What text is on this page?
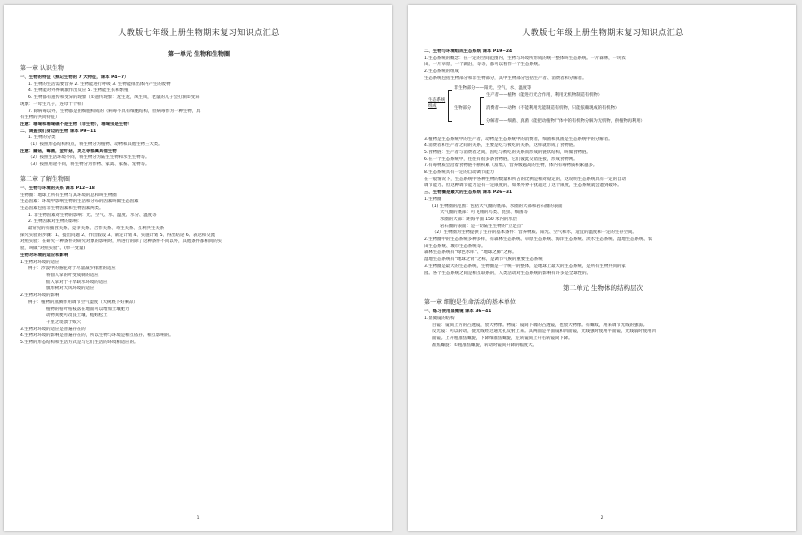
人教版七年级上册生物期末复习知识点汇总
第一单元 生物和生物圈
第一章 认识生物
一、生物的特征（熟记生物的 7 大特征，课本 P4~7）
1. 生物的生活需要营养 2. 生物能进行呼吸 3. 生物能排出体内产生的废物
4. 生物能对外界刺激作出反应 5. 生物能生长和繁殖
6. 生物都有遗传和变异的现象（①遗传现象：龙生龙，凤生凤，老鼠的儿子会打洞②变异
现象：一母生九子，连母十个样）
7. 除病毒以外，生物都是由细胞构成的（病毒不具有细胞结构，但病毒作为一种生物，具
有生物的共同特征）
注意：珊瑚和珊瑚礁不是生物（非生物），珊瑚虫是生物！
二、调查我们身边的生物 课本 P9~11
1. 生物的分类
（1）按照形态结构特点，将生物分为植物、动物和其他生物三大类。
注意：蘑菇，霉菌，金针菇，灵芝等都属其他生物
（2）按照生活环境不同，将生物分为陆生生物和水生生物等。
（3）按照用途不同，将生物分为作物、家禽、家畜、宠物等。
第二章 了解生物圈
一、生物与环境的关系 课本 P12~18
生物圈：地球上所有生物与其环境的总和叫生物圈
生态因素：环境中影响生物的生活和分布的因素叫做生态因素
生态因素包括非生物因素和生物因素两类。
1. 非生物因素对生物的影响：光、空气、水、温度、水分、温度等
2. 生物因素对生物的影响：
最常见的有捕食关系、竞争关系、合作关系、寄生关系、互利共生关系
探究实验的步骤：1、提出问题 2、作出假设 3、制定计划 4、实施计划 5、得出结论 6、表达和交流
对照实验：在研究一种条件对研究对象的影响时，所进行的除了这种条件不同以外，其他条件都相同的实
验，叫做“对照实验”。(单一变量)
生物对环境的适应和影响
1.生物对环境的适应
例子：沙漠中的骆驼对于尽量减少排泄的适应
将仙人掌的叶变成刺的适应
仙人掌对于干旱缺水环境的适应
旗形树对大风环境的适应
2.生物对环境的影响
例子：植物的蒸腾作用调节空气湿度（大树底下好乘凉）
植物的枯叶枯枝落在地面可以增加土壤肥力
动物粪便可改良土壤，蚯蚓松土
千里之堤溃于蚁穴
3.生物对环境的适应是普遍存在的
4.生物对环境的影响是普遍存在的，所以生物与环境是相互依存、相互影响的。
5.生物的形态结构和生活方式是与它们生活的环境相适应的。
1
人教版七年级上册生物期末复习知识点汇总
二、生物与环境组成生态系统 课本 P19~24
1.生态系统的概念：在一定的空间范围内，生物与环境所形成的统一整体叫生态系统。一片森林，一块农
田，一片草原，一个湖泊，等等，都可以看作一个生态系统。
2.生态系统的组成
生态系统包括生物部分和非生物部分，其中生物部分包括生产者、消费者和分解者。
生态系统组成
非生物部分——阳光、空气、水、温度等
生物部分
生产者——植物（能进行光合作用，利用无机物制造有机物）
消费者——动物（不能利用光能制造有机物，只能依赖现成的有机物）
分解者——细菌、真菌（能把动植物尸体中的有机物分解为无机物，供植物再利用）
3.植物是生态系统中的生产者，动物是生态系统中的消费者，细菌和真菌是生态系统中的分解者。
4.消费者和生产者之间的关系，主要是吃与被吃的关系，这样就形成了食物链。
5.食物链：生产者与消费者之间，因吃与被吃的关系而形成的链状结构，叫做食物链。
6.在一个生态系统中，往往有很多条食物链，它们彼此交错连接，形成食物网。
7.有毒物质会沿着食物链不断积累（富集），营养级越高的生物，体内有毒物质积累越多。
8.生态系统具有一定的自动调节能力
在一般情况下，生态系统中各种生物的数量和所占的比例是相对稳定的，这说明生态系统具有一定的自动
调节能力。但这种调节能力是有一定限度的，如果外界干扰超过了这个限度，生态系统就会遭到破坏。
三、生物圈是最大的生态系统 课本 P26~31
1.生物圈
(1) 生物圈的范围：包括大气圈的底部、水圈的大部和岩石圈的表面
大气圈的底部：可飞翔的鸟类、昆虫、细菌等
水圈的大部：距海平面 150 米内的水层
岩石圈的表面：是一切陆生生物的“立足点”
（2）生物圈为生物提供了生存的基本条件：营养物质、阳光、空气和水，适宜的温度和一定的生存空间。
2.生物圈中的生态系统多种多样，有森林生态系统、草原生态系统、海洋生态系统、淡水生态系统、湿地生态系统、农
田生态系统、城市生态系统等。
森林生态系统有“绿色水库”、“地球之肺”之称。
湿地生态系统有“地球之肾”之称，是调节气候的重要生态系统
3.生物圈是最大的生态系统，生物圈是一个统一的整体，是地球上最大的生态系统，是所有生物共同的家
园。各个生态系统之间是相互联系的，人类活动对生态系统的影响有许多是全球性的。
第二单元 生物体的结构层次
第一章 细胞是生命活动的基本单位
一、练习使用显微镜 课本 36~41
1.显微镜的结构
目镜：镜筒上方的凸透镜，放大物像。物镜：镜筒下端的凸透镜，也放大物像。有螺纹，用来调节光线的强弱。
反光镜：可以转动，使光线经过通光孔反射上来。其两面是平面镜和凹面镜，光线强时使用平面镜，光线弱时使用凹
面镜。上升粗准焦螺旋，下降细准焦螺旋，左转镜筒上升右转镜筒下降。
准焦螺旋：①粗准焦螺旋，转动时镜筒升降的幅度大。
2
